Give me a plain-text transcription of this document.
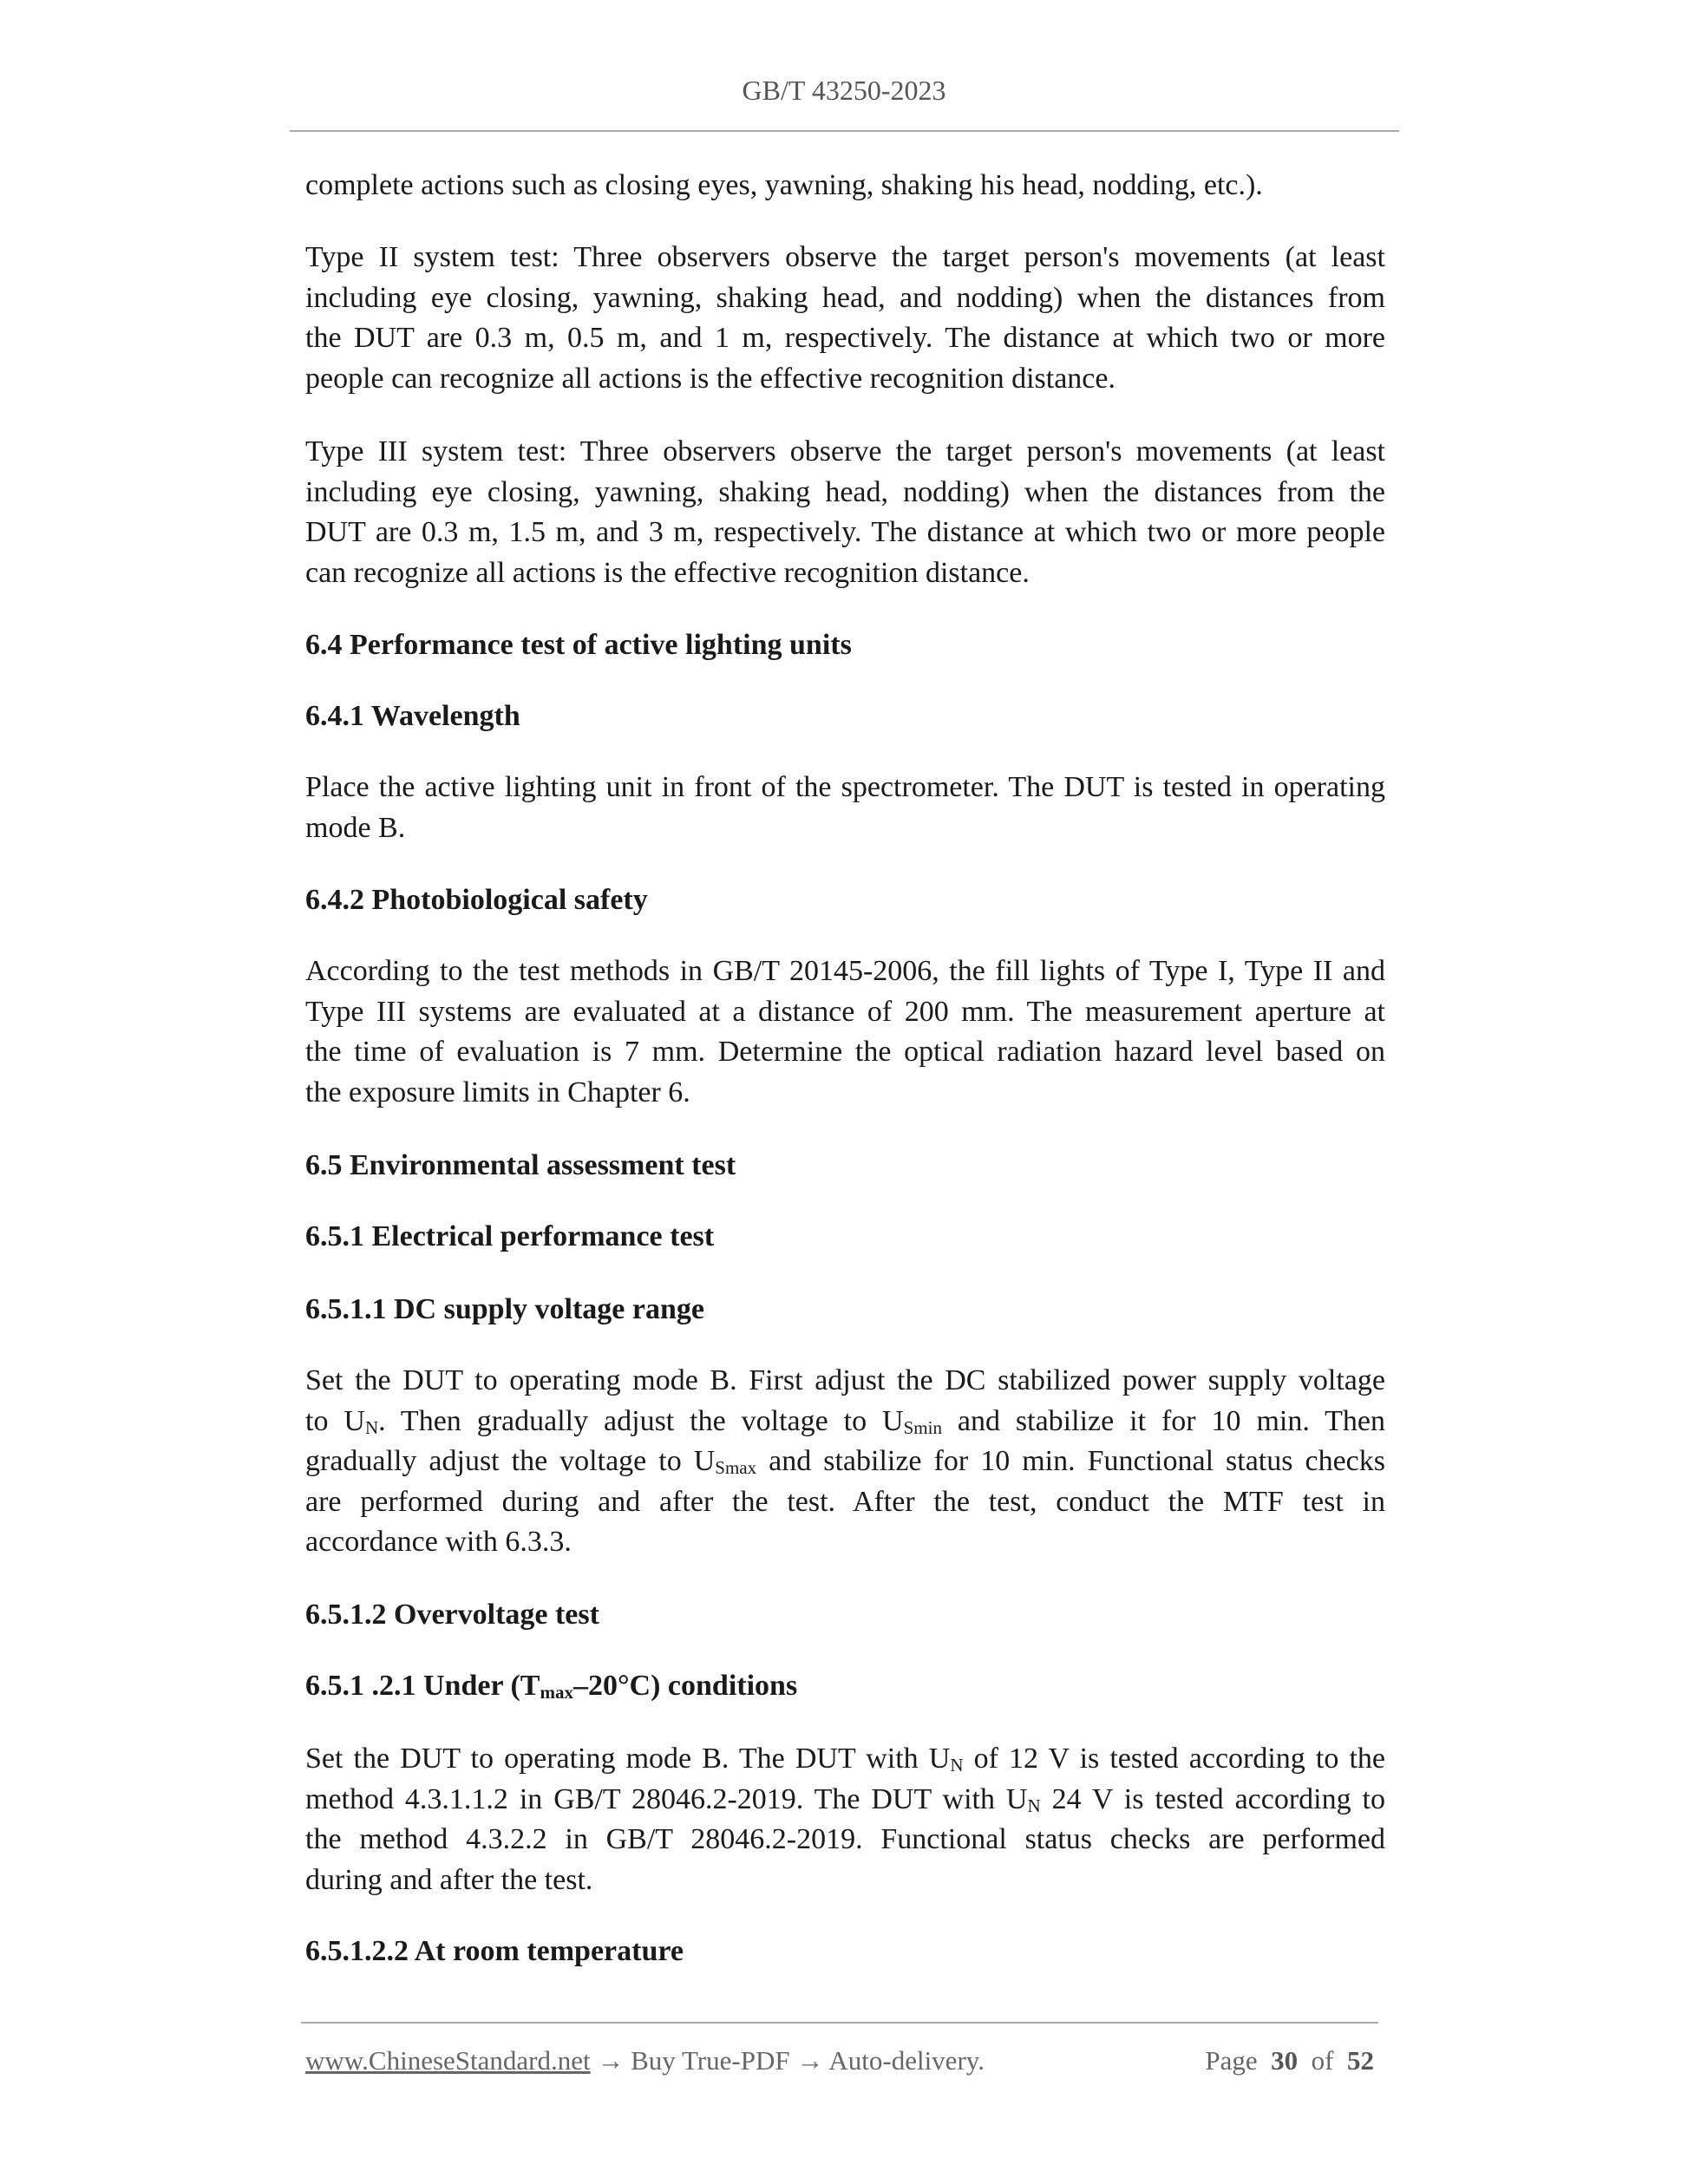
GB/T 43250-2023
complete actions such as closing eyes, yawning, shaking his head, nodding, etc.).
Type II system test: Three observers observe the target person's movements (at least
including eye closing, yawning, shaking head, and nodding) when the distances from
the DUT are 0.3 m, 0.5 m, and 1 m, respectively. The distance at which two or more
people can recognize all actions is the effective recognition distance.
Type III system test: Three observers observe the target person's movements (at least
including eye closing, yawning, shaking head, nodding) when the distances from the
DUT are 0.3 m, 1.5 m, and 3 m, respectively. The distance at which two or more people
can recognize all actions is the effective recognition distance.
6.4 Performance test of active lighting units
6.4.1 Wavelength
Place the active lighting unit in front of the spectrometer. The DUT is tested in operating
mode B.
6.4.2 Photobiological safety
According to the test methods in GB/T 20145-2006, the fill lights of Type I, Type II and
Type III systems are evaluated at a distance of 200 mm. The measurement aperture at
the time of evaluation is 7 mm. Determine the optical radiation hazard level based on
the exposure limits in Chapter 6.
6.5 Environmental assessment test
6.5.1 Electrical performance test
6.5.1.1 DC supply voltage range
Set the DUT to operating mode B. First adjust the DC stabilized power supply voltage
to $U_N$. Then gradually adjust the voltage to $U_{Smin}$ and stabilize it for 10 min. Then
gradually adjust the voltage to $U_{Smax}$ and stabilize for 10 min. Functional status checks
are performed during and after the test. After the test, conduct the MTF test in
accordance with 6.3.3.
6.5.1.2 Overvoltage test
6.5.1 .2.1 Under $(T_{max}-20^\circ C)$ conditions
Set the DUT to operating mode B. The DUT with $U_N$ of 12 V is tested according to the
method 4.3.1.1.2 in GB/T 28046.2-2019. The DUT with $U_N$ 24 V is tested according to
the method 4.3.2.2 in GB/T 28046.2-2019. Functional status checks are performed
during and after the test.
6.5.1.2.2 At room temperature
www.ChineseStandard.net → Buy True-PDF → Auto-delivery.	Page 30 of 52
